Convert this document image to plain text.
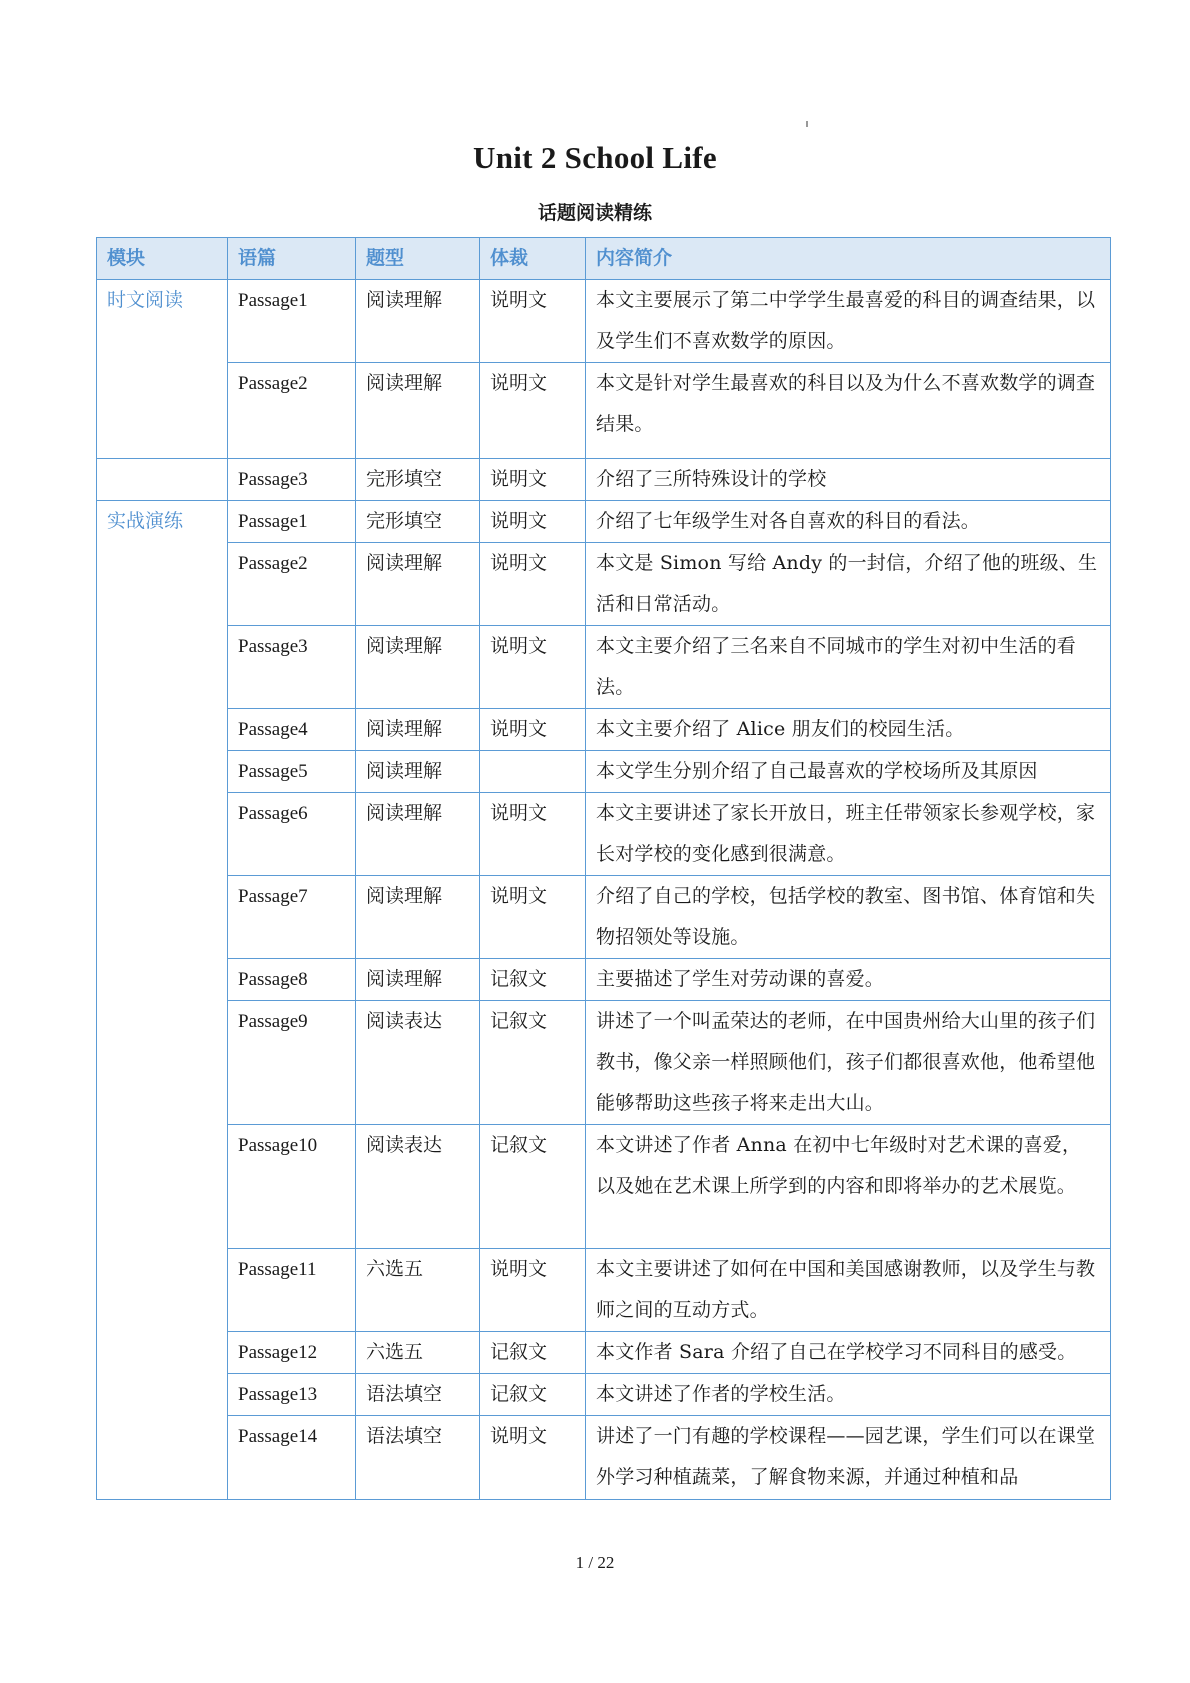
Unit 2 School Life
话题阅读精练
模块	语篇	题型	体裁	内容简介
时文阅读	Passage1	阅读理解	说明文	本文主要展示了第二中学学生最喜爱的科目的调查结果，以及学生们不喜欢数学的原因。
	Passage2	阅读理解	说明文	本文是针对学生最喜欢的科目以及为什么不喜欢数学的调查结果。
	Passage3	完形填空	说明文	介绍了三所特殊设计的学校
实战演练	Passage1	完形填空	说明文	介绍了七年级学生对各自喜欢的科目的看法。
	Passage2	阅读理解	说明文	本文是 Simon 写给 Andy 的一封信，介绍了他的班级、生活和日常活动。
	Passage3	阅读理解	说明文	本文主要介绍了三名来自不同城市的学生对初中生活的看法。
	Passage4	阅读理解	说明文	本文主要介绍了 Alice 朋友们的校园生活。
	Passage5	阅读理解		本文学生分别介绍了自己最喜欢的学校场所及其原因
	Passage6	阅读理解	说明文	本文主要讲述了家长开放日，班主任带领家长参观学校，家长对学校的变化感到很满意。
	Passage7	阅读理解	说明文	介绍了自己的学校，包括学校的教室、图书馆、体育馆和失物招领处等设施。
	Passage8	阅读理解	记叙文	主要描述了学生对劳动课的喜爱。
	Passage9	阅读表达	记叙文	讲述了一个叫孟荣达的老师，在中国贵州给大山里的孩子们教书，像父亲一样照顾他们，孩子们都很喜欢他，他希望他能够帮助这些孩子将来走出大山。
	Passage10	阅读表达	记叙文	本文讲述了作者 Anna 在初中七年级时对艺术课的喜爱，以及她在艺术课上所学到的内容和即将举办的艺术展览。
	Passage11	六选五	说明文	本文主要讲述了如何在中国和美国感谢教师，以及学生与教师之间的互动方式。
	Passage12	六选五	记叙文	本文作者 Sara 介绍了自己在学校学习不同科目的感受。
	Passage13	语法填空	记叙文	本文讲述了作者的学校生活。
	Passage14	语法填空	说明文	讲述了一门有趣的学校课程——园艺课，学生们可以在课堂外学习种植蔬菜，了解食物来源，并通过种植和品
1 / 22
